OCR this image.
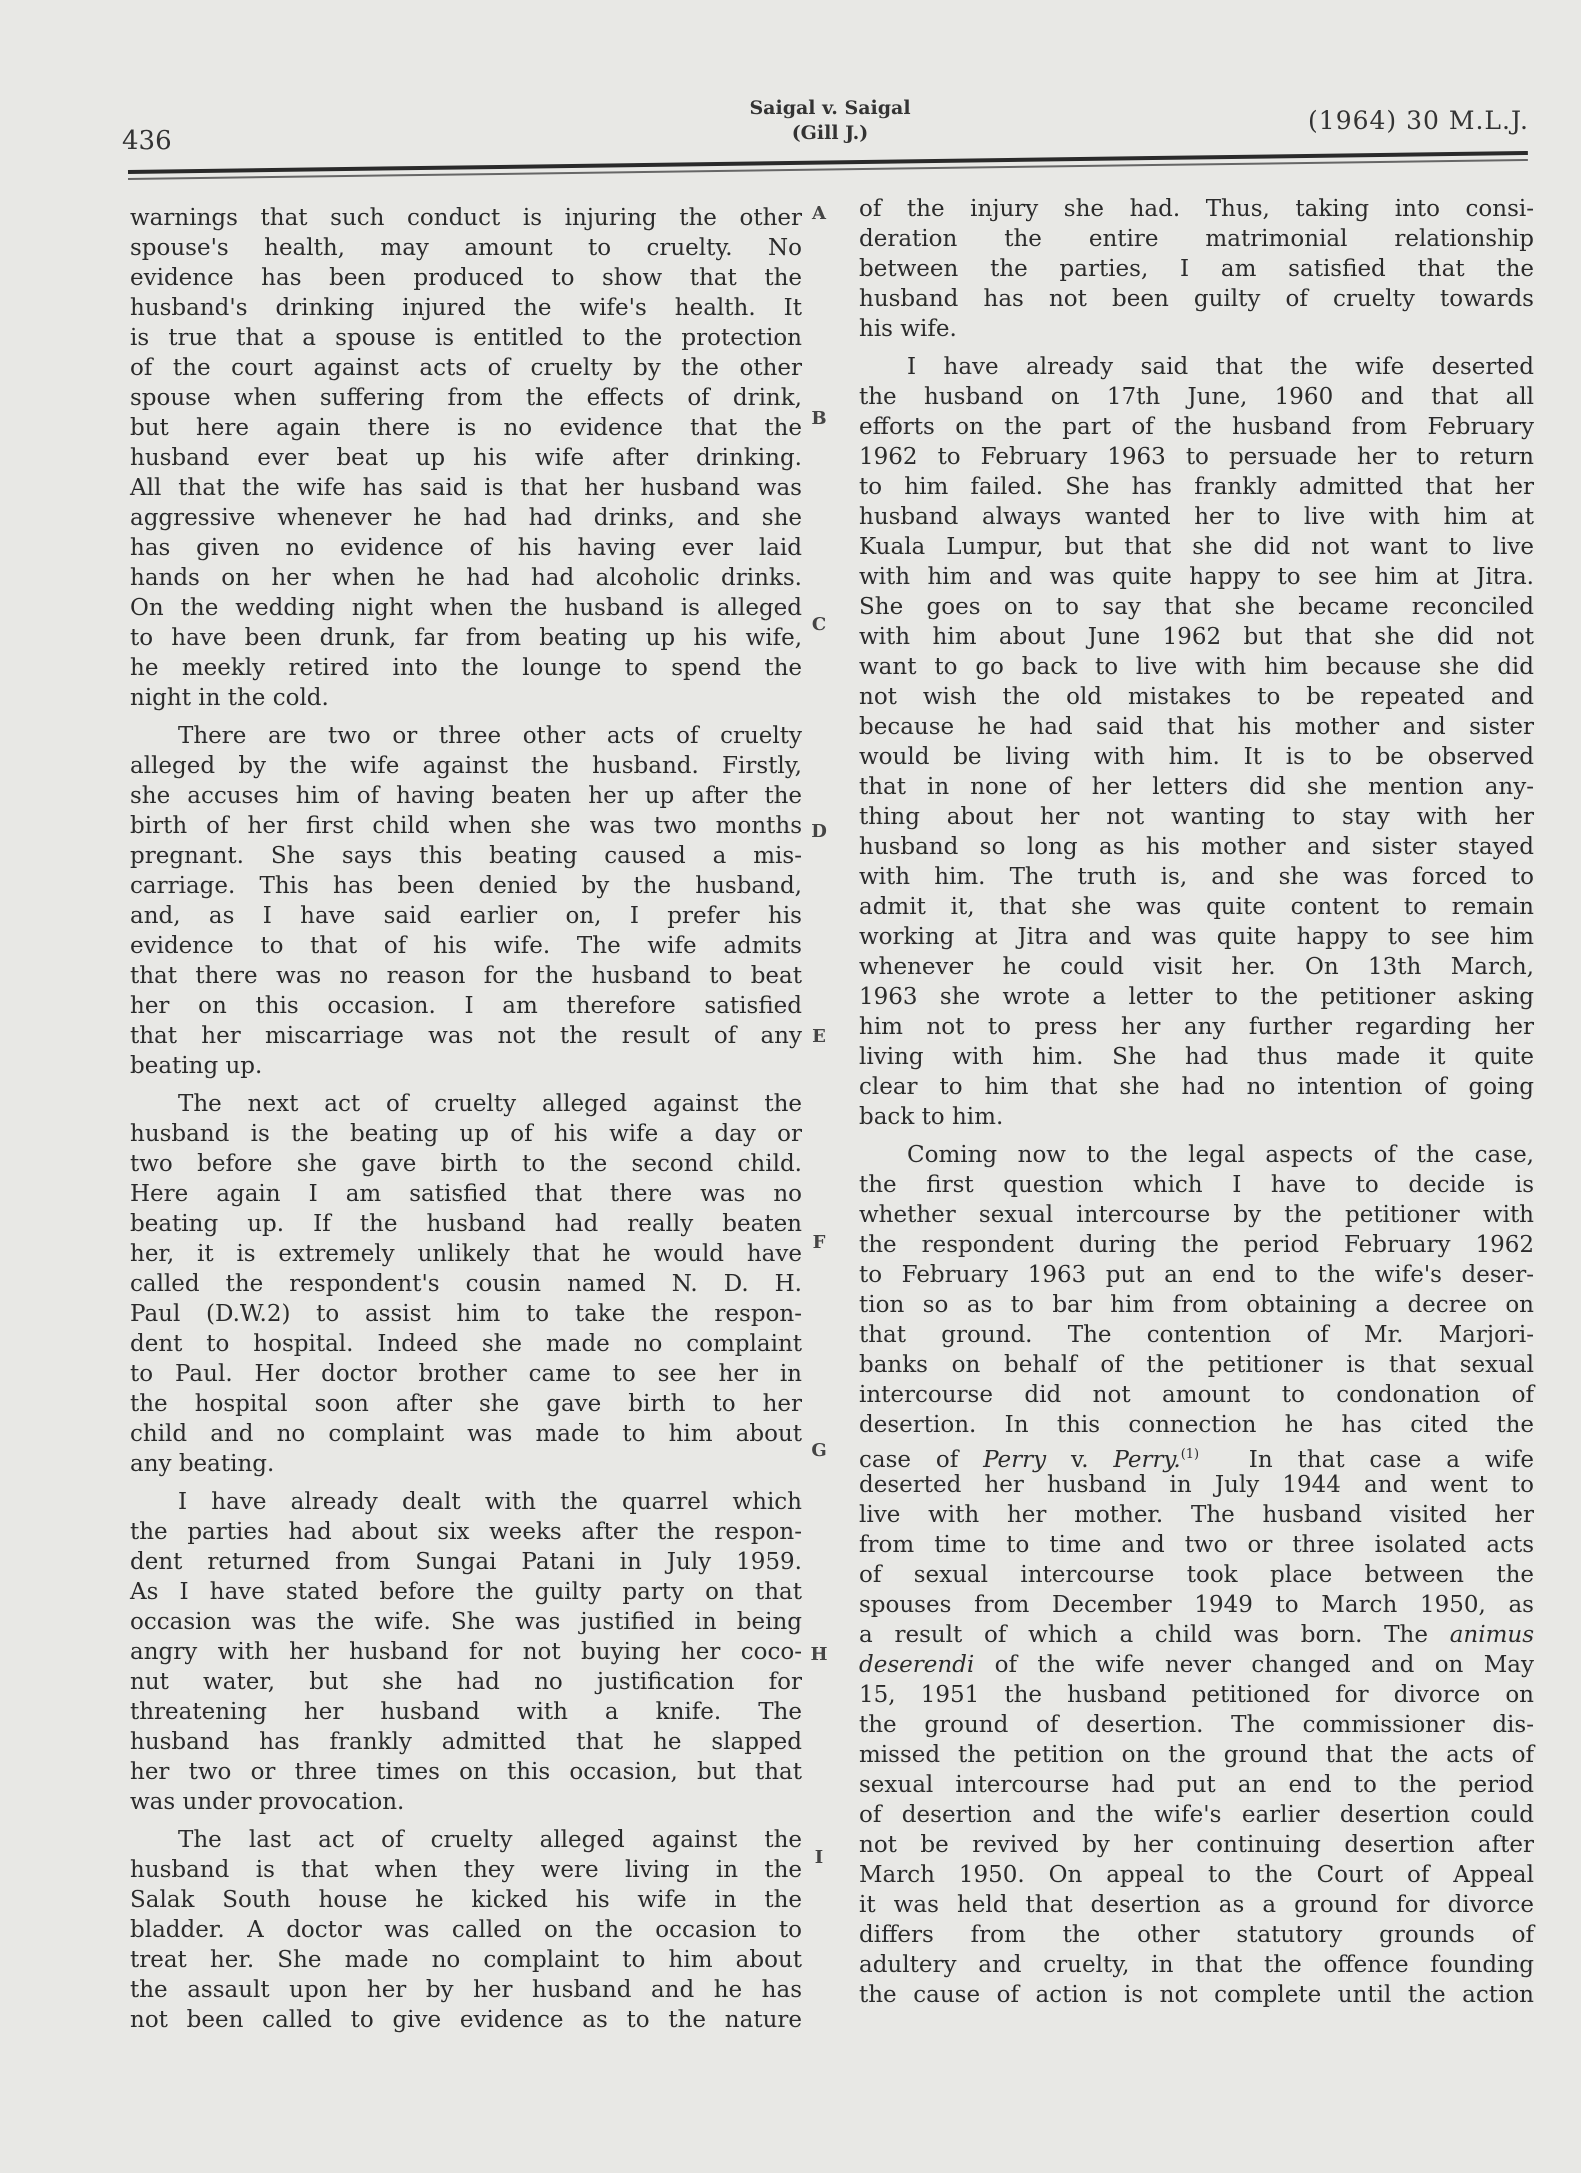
436
Saigal v. Saigal
(Gill J.)	(1964) 30 M.L.J.
warnings that such conduct is injuring the other
spouse's health, may amount to cruelty. No
evidence has been produced to show that the
husband's drinking injured the wife's health. It
is true that a spouse is entitled to the protection
of the court against acts of cruelty by the other
spouse when suffering from the effects of drink,
but here again there is no evidence that the
husband ever beat up his wife after drinking.
All that the wife has said is that her husband was
aggressive whenever he had had drinks, and she
has given no evidence of his having ever laid
hands on her when he had had alcoholic drinks.
On the wedding night when the husband is alleged
to have been drunk, far from beating up his wife,
he meekly retired into the lounge to spend the
night in the cold.
There are two or three other acts of cruelty
alleged by the wife against the husband. Firstly,
she accuses him of having beaten her up after the
birth of her first child when she was two months
pregnant. She says this beating caused a mis-
carriage. This has been denied by the husband,
and, as I have said earlier on, I prefer his
evidence to that of his wife. The wife admits
that there was no reason for the husband to beat
her on this occasion. I am therefore satisfied
that her miscarriage was not the result of any
beating up.
The next act of cruelty alleged against the
husband is the beating up of his wife a day or
two before she gave birth to the second child.
Here again I am satisfied that there was no
beating up. If the husband had really beaten
her, it is extremely unlikely that he would have
called the respondent's cousin named N. D. H.
Paul (D.W.2) to assist him to take the respon-
dent to hospital. Indeed she made no complaint
to Paul. Her doctor brother came to see her in
the hospital soon after she gave birth to her
child and no complaint was made to him about
any beating.
I have already dealt with the quarrel which
the parties had about six weeks after the respon-
dent returned from Sungai Patani in July 1959.
As I have stated before the guilty party on that
occasion was the wife. She was justified in being
angry with her husband for not buying her coco-
nut water, but she had no justification for
threatening her husband with a knife. The
husband has frankly admitted that he slapped
her two or three times on this occasion, but that
was under provocation.
The last act of cruelty alleged against the
husband is that when they were living in the
Salak South house he kicked his wife in the
bladder. A doctor was called on the occasion to
treat her. She made no complaint to him about
the assault upon her by her husband and he has
not been called to give evidence as to the nature
of the injury she had. Thus, taking into consi-
deration the entire matrimonial relationship
between the parties, I am satisfied that the
husband has not been guilty of cruelty towards
his wife.
I have already said that the wife deserted
the husband on 17th June, 1960 and that all
efforts on the part of the husband from February
1962 to February 1963 to persuade her to return
to him failed. She has frankly admitted that her
husband always wanted her to live with him at
Kuala Lumpur, but that she did not want to live
with him and was quite happy to see him at Jitra.
She goes on to say that she became reconciled
with him about June 1962 but that she did not
want to go back to live with him because she did
not wish the old mistakes to be repeated and
because he had said that his mother and sister
would be living with him. It is to be observed
that in none of her letters did she mention any-
thing about her not wanting to stay with her
husband so long as his mother and sister stayed
with him. The truth is, and she was forced to
admit it, that she was quite content to remain
working at Jitra and was quite happy to see him
whenever he could visit her. On 13th March,
1963 she wrote a letter to the petitioner asking
him not to press her any further regarding her
living with him. She had thus made it quite
clear to him that she had no intention of going
back to him.
Coming now to the legal aspects of the case,
the first question which I have to decide is
whether sexual intercourse by the petitioner with
the respondent during the period February 1962
to February 1963 put an end to the wife's deser-
tion so as to bar him from obtaining a decree on
that ground. The contention of Mr. Marjori-
banks on behalf of the petitioner is that sexual
intercourse did not amount to condonation of
desertion. In this connection he has cited the
case of Perry v. Perry.$^{(1)}$  In that case a wife
deserted her husband in July 1944 and went to
live with her mother. The husband visited her
from time to time and two or three isolated acts
of sexual intercourse took place between the
spouses from December 1949 to March 1950, as
a result of which a child was born. The animus
deserendi of the wife never changed and on May
15, 1951 the husband petitioned for divorce on
the ground of desertion. The commissioner dis-
missed the petition on the ground that the acts of
sexual intercourse had put an end to the period
of desertion and the wife's earlier desertion could
not be revived by her continuing desertion after
March 1950. On appeal to the Court of Appeal
it was held that desertion as a ground for divorce
differs from the other statutory grounds of
adultery and cruelty, in that the offence founding
the cause of action is not complete until the action
A
B
C
D
E
F
G
H
I
